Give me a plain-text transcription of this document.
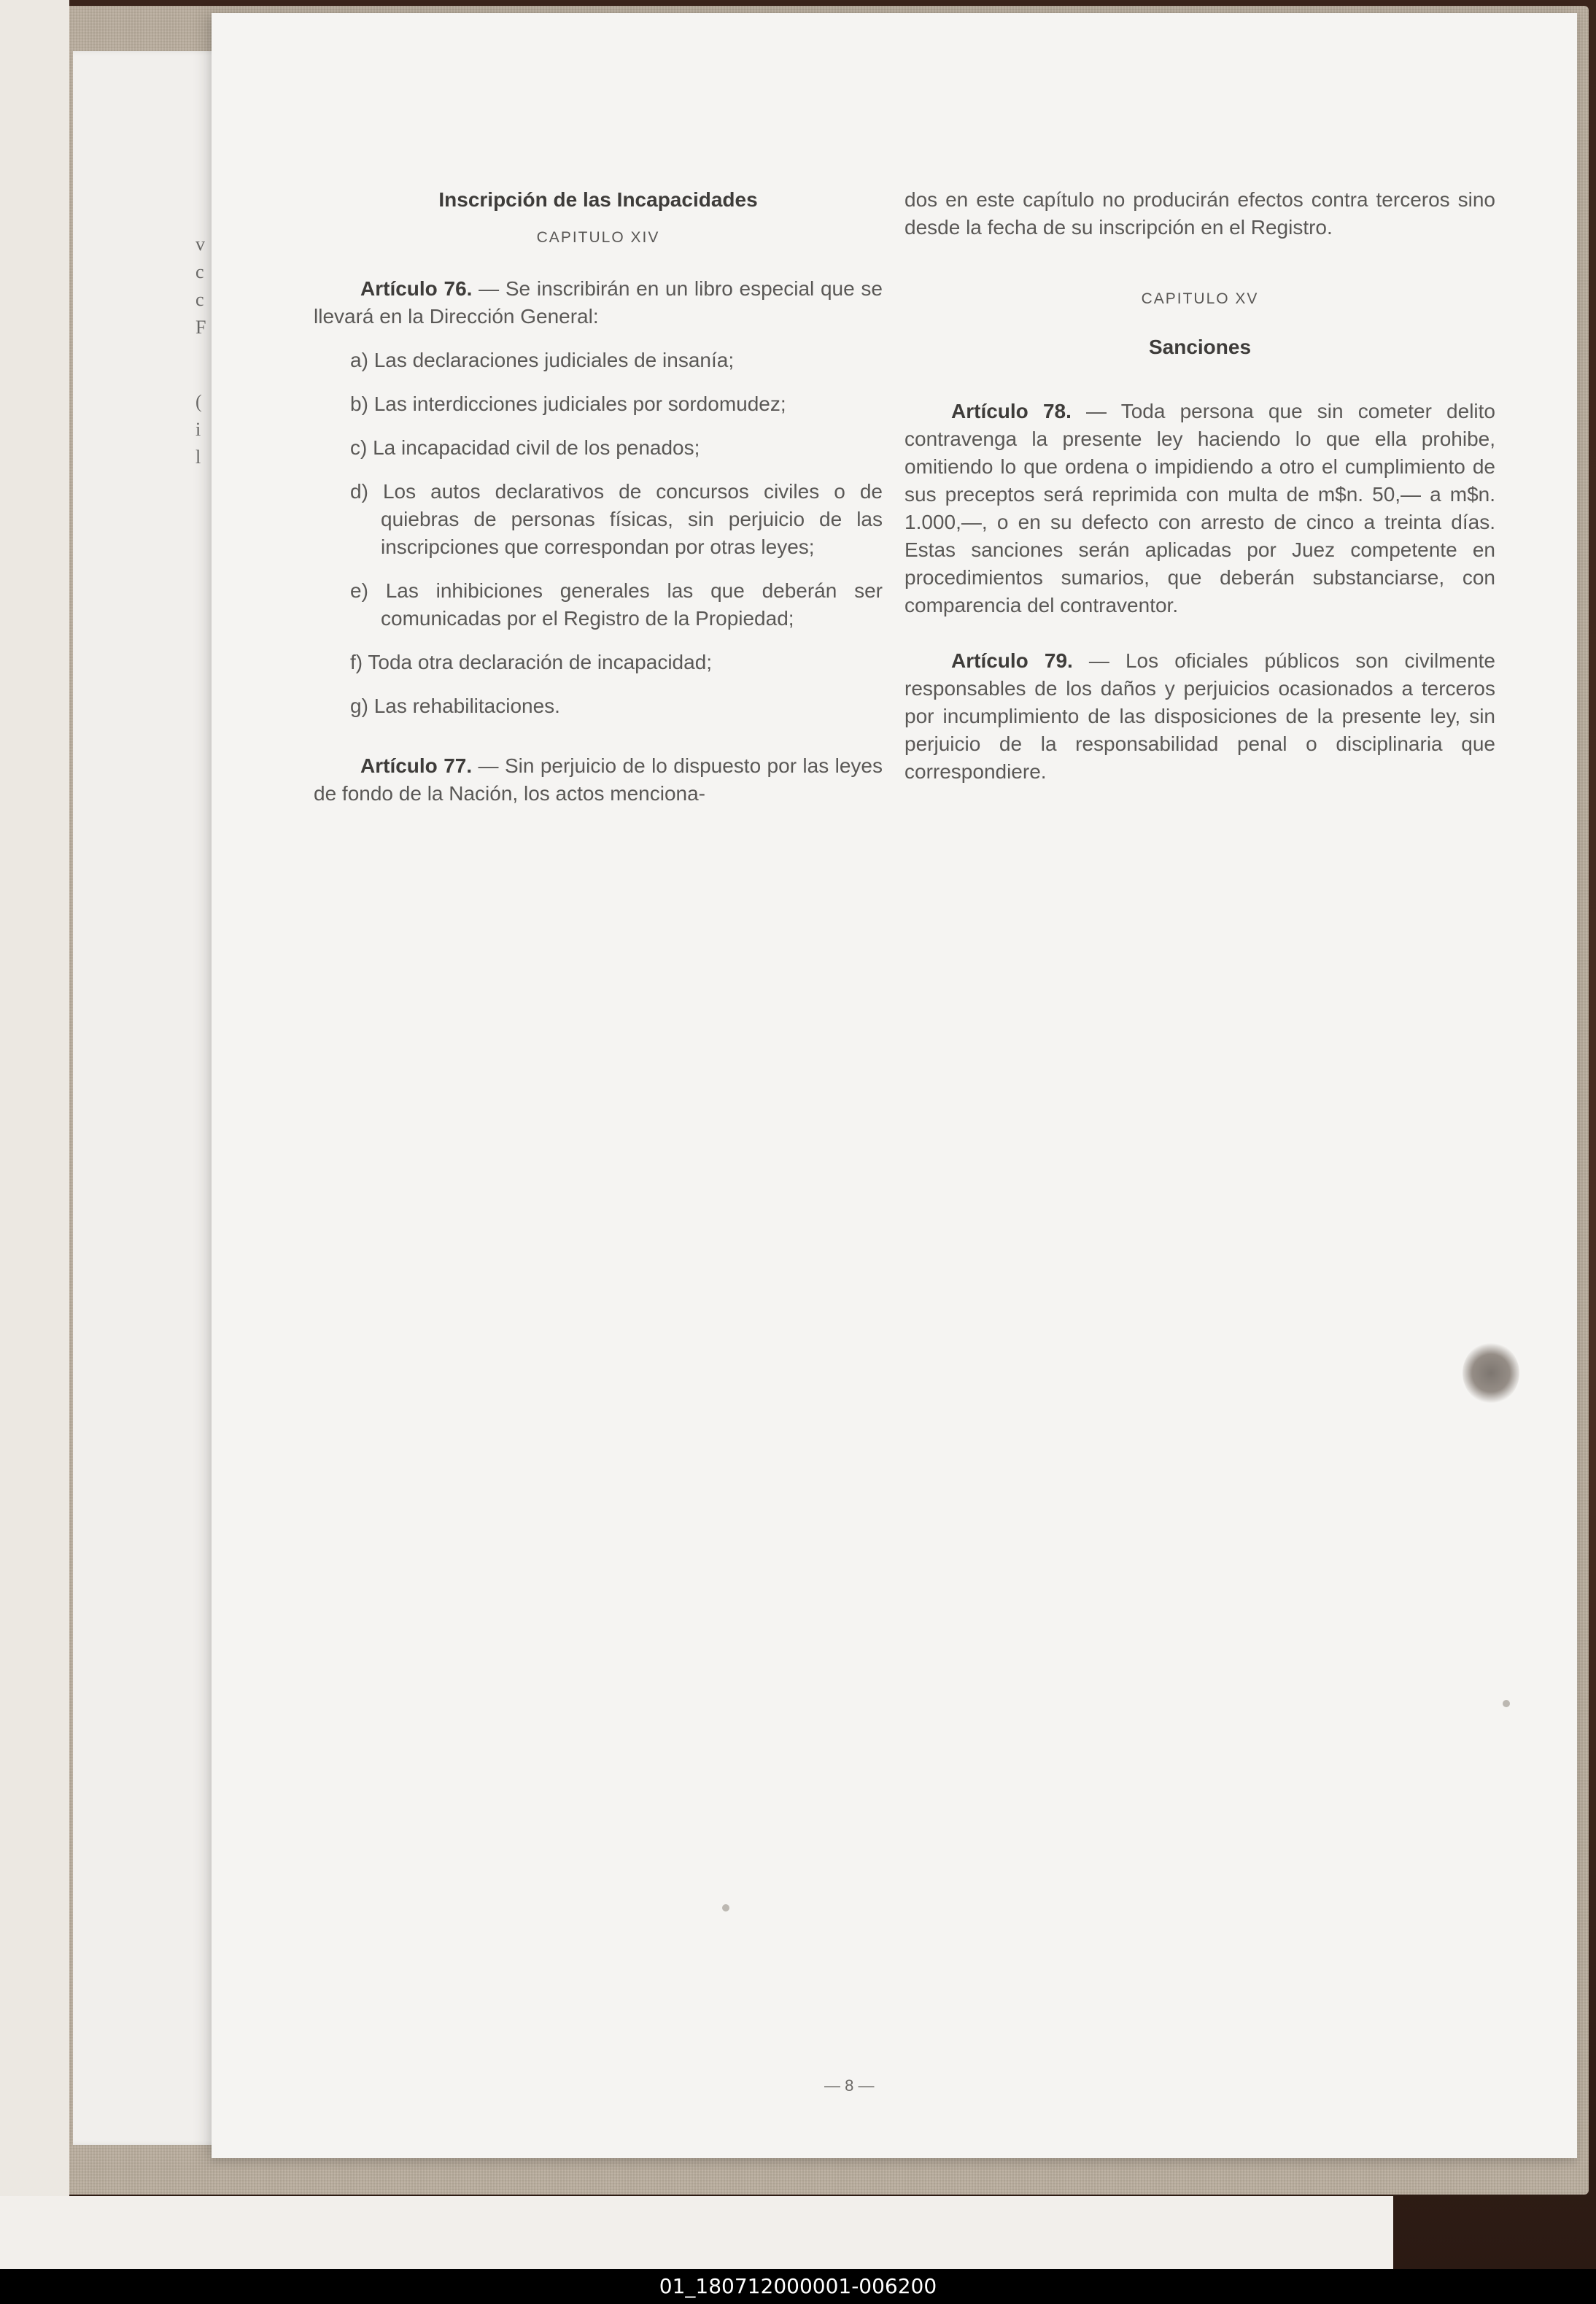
v
c
c
F
(
i
l

Inscripción de las Incapacidades

CAPITULO XIV

Artículo 76. — Se inscribirán en un libro especial que se llevará en la Dirección General:

a) Las declaraciones judiciales de insanía;

b) Las interdicciones judiciales por sordomudez;

c) La incapacidad civil de los penados;

d) Los autos declarativos de concursos civiles o de quiebras de personas físicas, sin perjuicio de las inscripciones que correspondan por otras leyes;

e) Las inhibiciones generales las que deberán ser comunicadas por el Registro de la Propiedad;

f) Toda otra declaración de incapacidad;

g) Las rehabilitaciones.

Artículo 77. — Sin perjuicio de lo dispuesto por las leyes de fondo de la Nación, los actos menciona-

dos en este capítulo no producirán efectos contra terceros sino desde la fecha de su inscripción en el Registro.

CAPITULO XV

Sanciones

Artículo 78. — Toda persona que sin cometer delito contravenga la presente ley haciendo lo que ella prohibe, omitiendo lo que ordena o impidiendo a otro el cumplimiento de sus preceptos será reprimida con multa de m$n. 50,— a m$n. 1.000,—, o en su defecto con arresto de cinco a treinta días. Estas sanciones serán aplicadas por Juez competente en procedimientos sumarios, que deberán substanciarse, con comparencia del contraventor.

Artículo 79. — Los oficiales públicos son civilmente responsables de los daños y perjuicios ocasionados a terceros por incumplimiento de las disposiciones de la presente ley, sin perjuicio de la responsabilidad penal o disciplinaria que correspondiere.

— 8 —
01_180712000001-006200
